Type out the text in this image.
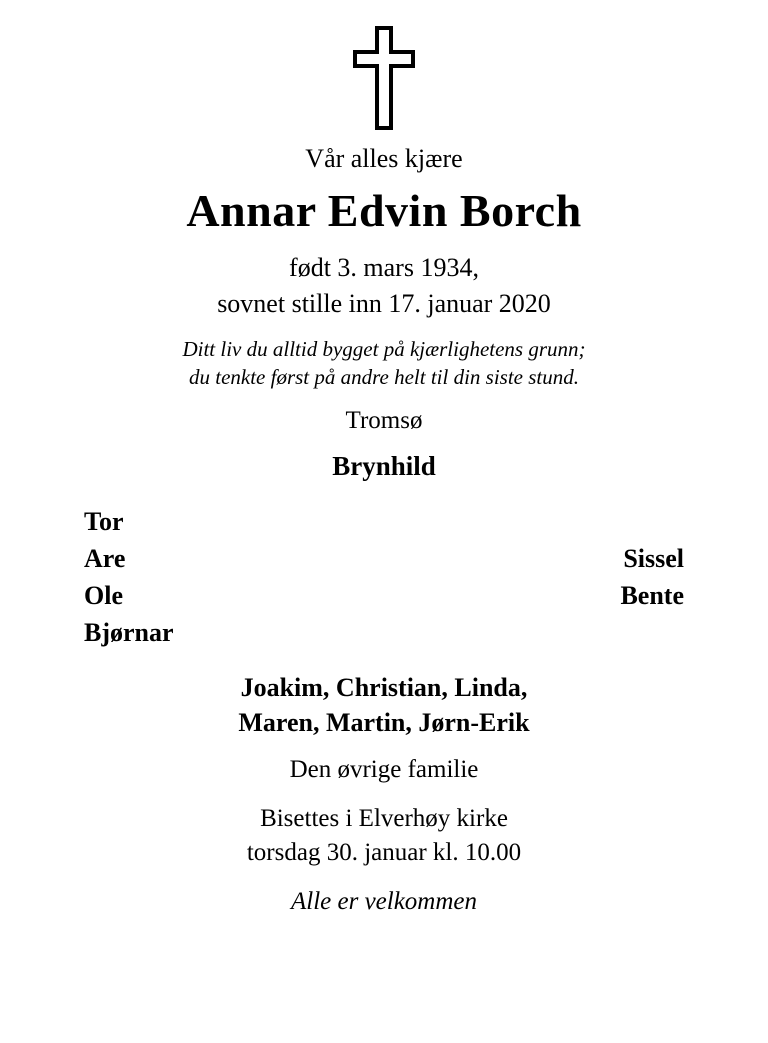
Vår alles kjære
Annar Edvin Borch
født 3. mars 1934,
sovnet stille inn 17. januar 2020
Ditt liv du alltid bygget på kjærlighetens grunn;
du tenkte først på andre helt til din siste stund.
Tromsø
Brynhild
Tor
Are	Sissel
Ole	Bente
Bjørnar
Joakim, Christian, Linda,
Maren, Martin, Jørn-Erik
Den øvrige familie
Bisettes i Elverhøy kirke
torsdag 30. januar kl. 10.00
Alle er velkommen
